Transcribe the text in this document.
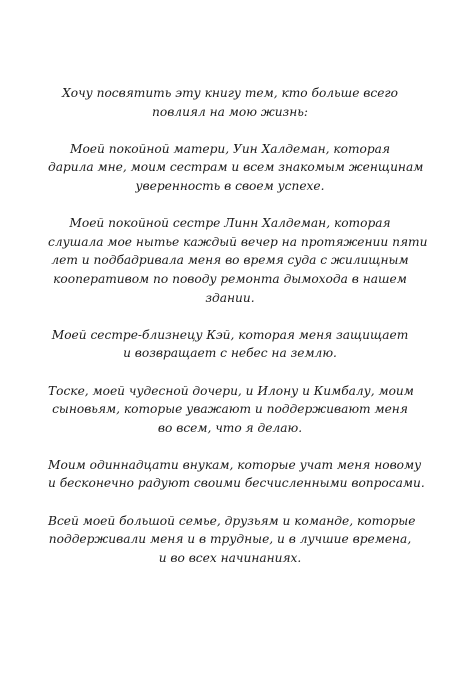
Хочу посвятить эту книгу тем, кто больше всего
повлиял на мою жизнь:

Моей покойной матери, Уин Халдеман, которая
дарила мне, моим сестрам и всем знакомым женщинам
уверенность в своем успехе.

Моей покойной сестре Линн Халдеман, которая
слушала мое нытье каждый вечер на протяжении пяти
лет и подбадривала меня во время суда с жилищным
кооперативом по поводу ремонта дымохода в нашем
здании.

Моей сестре-близнецу Кэй, которая меня защищает
и возвращает с небес на землю.

Тоске, моей чудесной дочери, и Илону и Кимбалу, моим
сыновьям, которые уважают и поддерживают меня
во всем, что я делаю.

Моим одиннадцати внукам, которые учат меня новому
и бесконечно радуют своими бесчисленными вопросами.

Всей моей большой семье, друзьям и команде, которые
поддерживали меня и в трудные, и в лучшие времена,
и во всех начинаниях.
